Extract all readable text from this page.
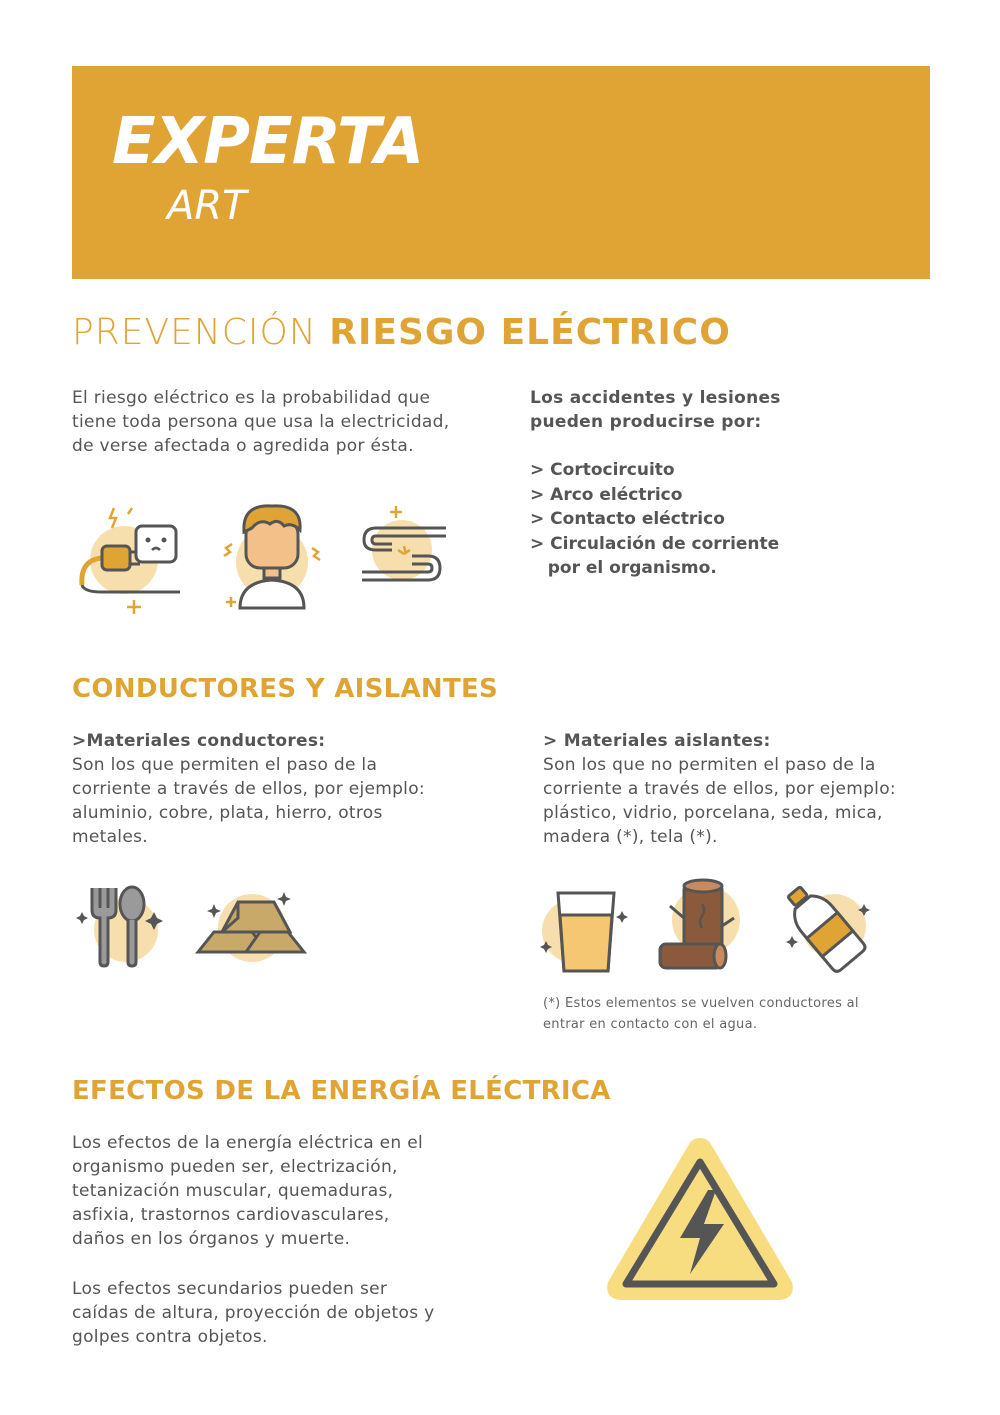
EXPERTA
ART
PREVENCIÓN RIESGO ELÉCTRICO

El riesgo eléctrico es la probabilidad que tiene toda persona que usa la electricidad, de verse afectada o agredida por ésta.

Los accidentes y lesiones pueden producirse por:

> Cortocircuito
> Arco eléctrico
> Contacto eléctrico
> Circulación de corriente
por el organismo.
CONDUCTORES Y AISLANTES
>Materiales conductores:
Son los que permiten el paso de la corriente a través de ellos, por ejemplo: aluminio, cobre, plata, hierro, otros metales.
> Materiales aislantes:
Son los que no permiten el paso de la corriente a través de ellos, por ejemplo: plástico, vidrio, porcelana, seda, mica, madera (*), tela (*).

(*) Estos elementos se vuelven conductores al entrar en contacto con el agua.

EFECTOS DE LA ENERGÍA ELÉCTRICA

Los efectos de la energía eléctrica en el organismo pueden ser, electrización, tetanización muscular, quemaduras, asfixia, trastornos cardiovasculares, daños en los órganos y muerte.

Los efectos secundarios pueden ser caídas de altura, proyección de objetos y golpes contra objetos.
